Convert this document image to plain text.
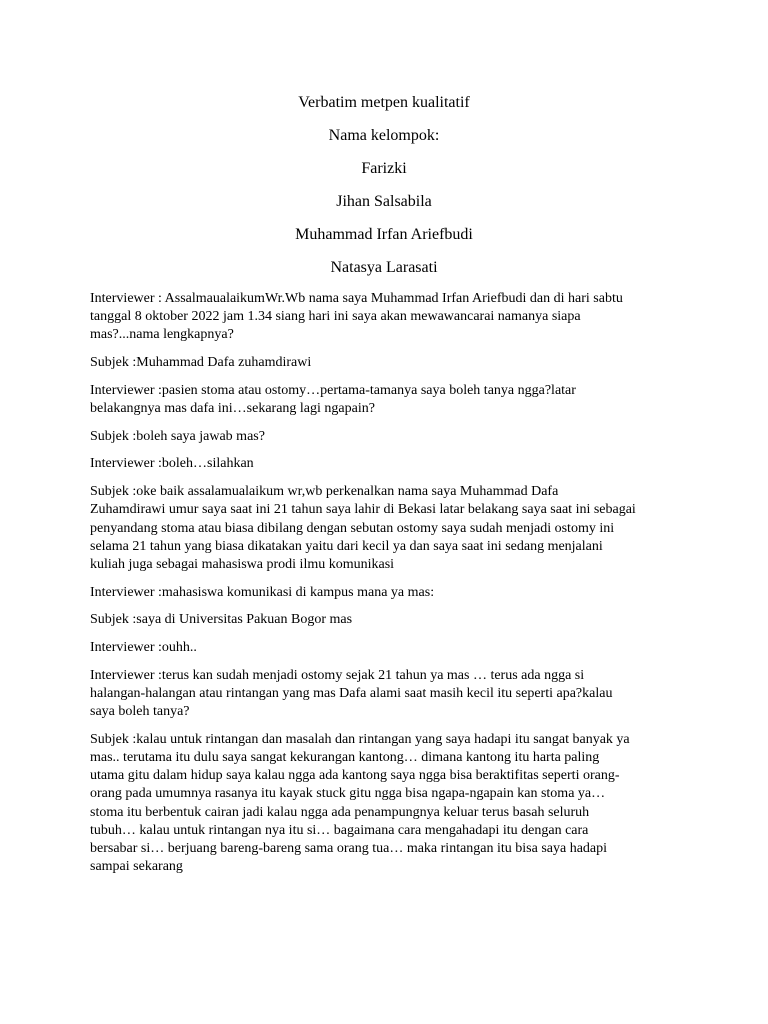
Verbatim metpen kualitatif

Nama kelompok:

Farizki

Jihan Salsabila

Muhammad Irfan Ariefbudi

Natasya Larasati

Interviewer : AssalmaualaikumWr.Wb nama saya Muhammad Irfan Ariefbudi dan di hari sabtu
tanggal 8 oktober 2022 jam 1.34 siang hari ini saya akan mewawancarai namanya siapa
mas?...nama lengkapnya?

Subjek :Muhammad Dafa zuhamdirawi

Interviewer :pasien stoma atau ostomy…pertama-tamanya saya boleh tanya ngga?latar
belakangnya mas dafa ini…sekarang lagi ngapain?

Subjek :boleh saya jawab mas?

Interviewer :boleh…silahkan

Subjek :oke baik assalamualaikum wr,wb perkenalkan nama saya Muhammad Dafa
Zuhamdirawi umur saya saat ini 21 tahun saya lahir di Bekasi latar belakang saya saat ini sebagai
penyandang stoma atau biasa dibilang dengan sebutan ostomy saya sudah menjadi ostomy ini
selama 21 tahun yang biasa dikatakan yaitu dari kecil ya dan saya saat ini sedang menjalani
kuliah juga sebagai mahasiswa prodi ilmu komunikasi

Interviewer :mahasiswa komunikasi di kampus mana ya mas:

Subjek :saya di Universitas Pakuan Bogor mas

Interviewer :ouhh..

Interviewer :terus kan sudah menjadi ostomy sejak 21 tahun ya mas … terus ada ngga si
halangan-halangan atau rintangan yang mas Dafa alami saat masih kecil itu seperti apa?kalau
saya boleh tanya?

Subjek :kalau untuk rintangan dan masalah dan rintangan yang saya hadapi itu sangat banyak ya
mas.. terutama itu dulu saya sangat kekurangan kantong… dimana kantong itu harta paling
utama gitu dalam hidup saya kalau ngga ada kantong saya ngga bisa beraktifitas seperti orang-
orang pada umumnya rasanya itu kayak stuck gitu ngga bisa ngapa-ngapain kan stoma ya…
stoma itu berbentuk cairan jadi kalau ngga ada penampungnya keluar terus basah seluruh
tubuh… kalau untuk rintangan nya itu si… bagaimana cara mengahadapi itu dengan cara
bersabar si… berjuang bareng-bareng sama orang tua… maka rintangan itu bisa saya hadapi
sampai sekarang
